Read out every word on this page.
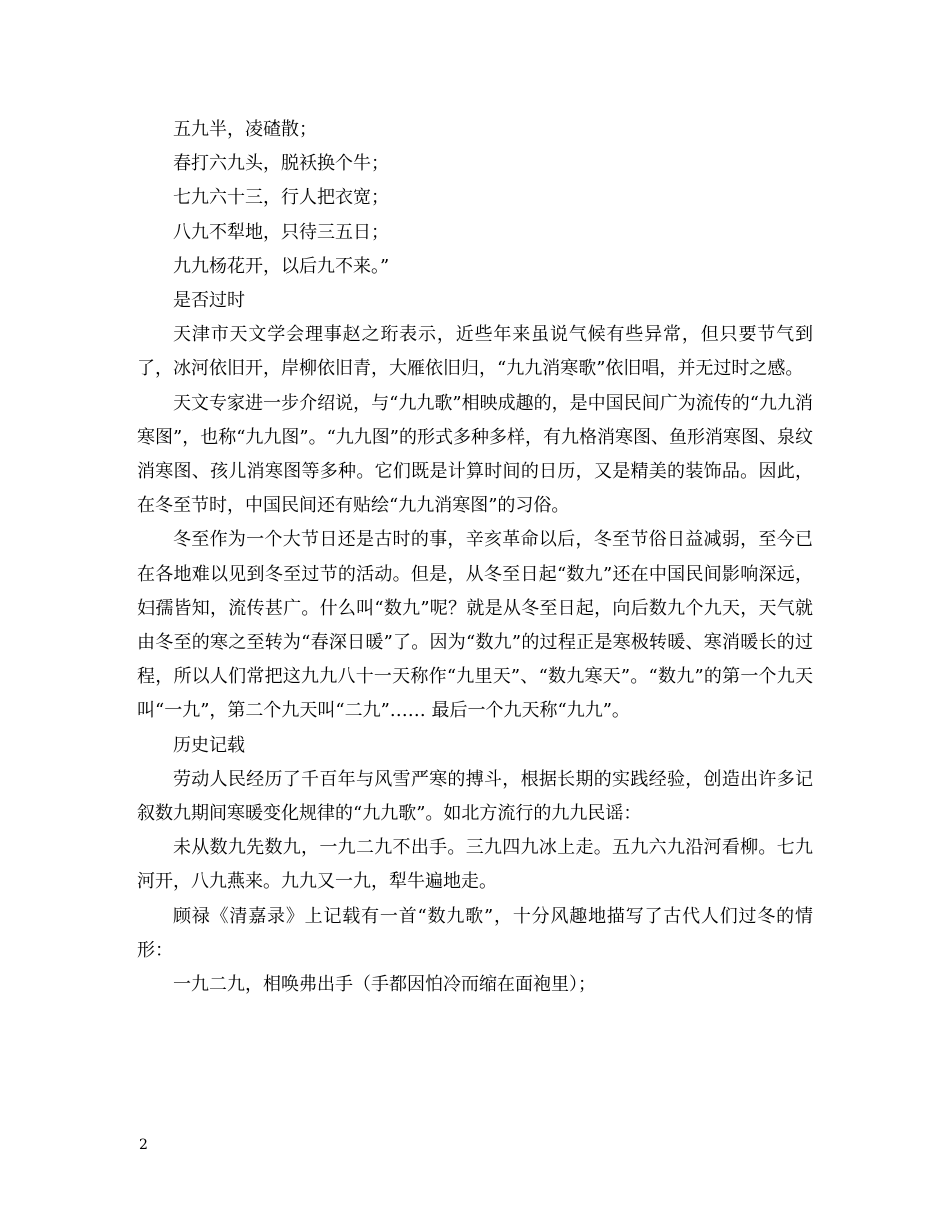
五九半，凌碴散；

春打六九头，脱袄换个牛；

七九六十三，行人把衣宽；

八九不犁地，只待三五日；

九九杨花开，以后九不来。”

是否过时

天津市天文学会理事赵之珩表示，近些年来虽说气候有些异常，但只要节气到了，冰河依旧开，岸柳依旧青，大雁依旧归，“九九消寒歌”依旧唱，并无过时之感。

天文专家进一步介绍说，与“九九歌”相映成趣的，是中国民间广为流传的“九九消寒图”，也称“九九图”。“九九图”的形式多种多样，有九格消寒图、鱼形消寒图、泉纹消寒图、孩儿消寒图等多种。它们既是计算时间的日历，又是精美的装饰品。因此，在冬至节时，中国民间还有贴绘“九九消寒图”的习俗。

冬至作为一个大节日还是古时的事，辛亥革命以后，冬至节俗日益减弱，至今已在各地难以见到冬至过节的活动。但是，从冬至日起“数九”还在中国民间影响深远，妇孺皆知，流传甚广。什么叫“数九”呢？就是从冬至日起，向后数九个九天，天气就由冬至的寒之至转为“春深日暖”了。因为“数九”的过程正是寒极转暖、寒消暖长的过程，所以人们常把这九九八十一天称作“九里天”、“数九寒天”。“数九”的第一个九天叫“一九”，第二个九天叫“二九”…… 最后一个九天称“九九”。

历史记载

劳动人民经历了千百年与风雪严寒的搏斗，根据长期的实践经验，创造出许多记叙数九期间寒暖变化规律的“九九歌”。如北方流行的九九民谣：

未从数九先数九，一九二九不出手。三九四九冰上走。五九六九沿河看柳。七九河开，八九燕来。九九又一九，犁牛遍地走。

顾禄《清嘉录》上记载有一首“数九歌”，十分风趣地描写了古代人们过冬的情形：

一九二九，相唤弗出手（手都因怕冷而缩在面袍里）；

2
